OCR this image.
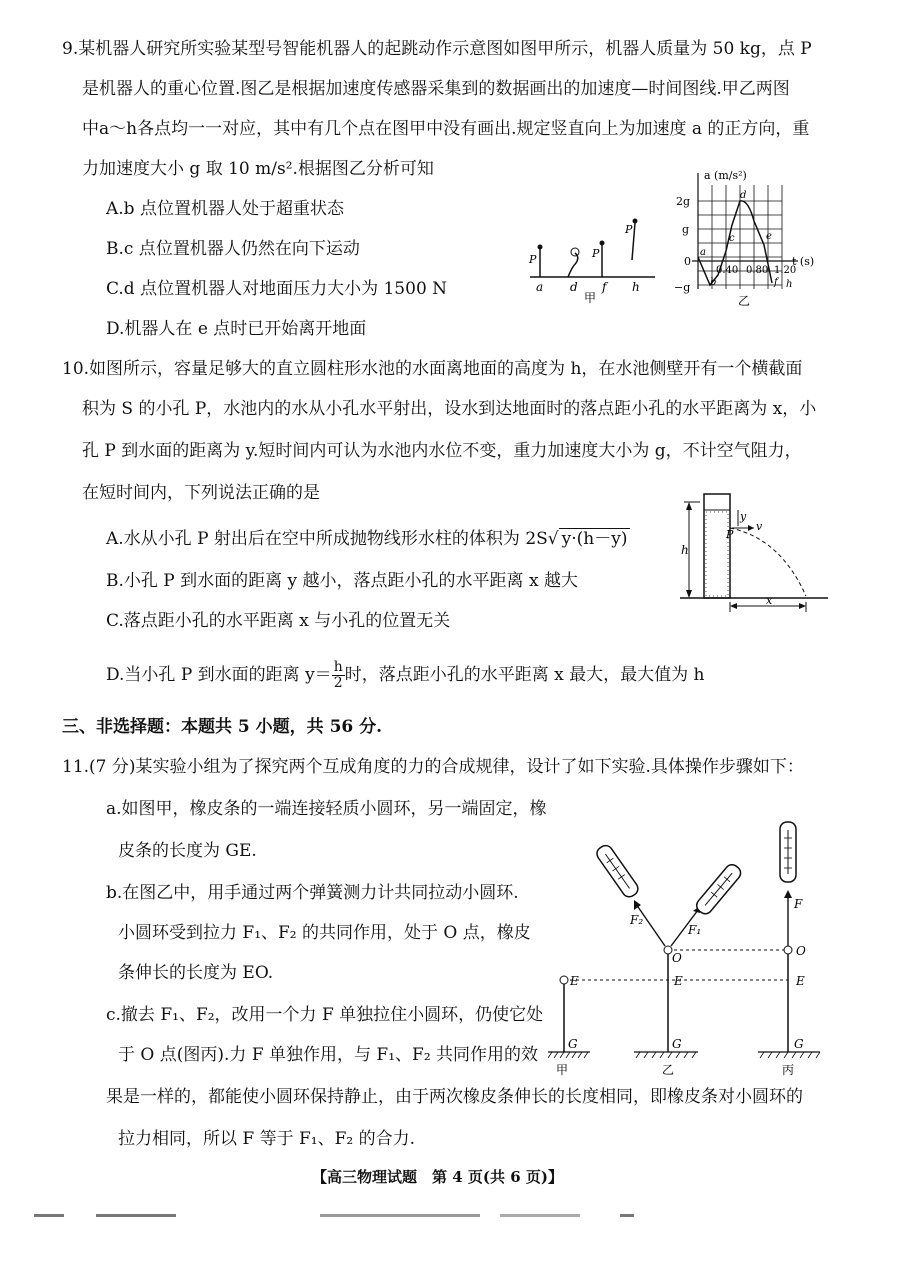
9.某机器人研究所实验某型号智能机器人的起跳动作示意图如图甲所示，机器人质量为 50 kg，点 P
是机器人的重心位置.图乙是根据加速度传感器采集到的数据画出的加速度—时间图线.甲乙两图
中a～h各点均一一对应，其中有几个点在图甲中没有画出.规定竖直向上为加速度 a 的正方向，重
力加速度大小 g 取 10 m/s².根据图乙分析可知
A.b 点位置机器人处于超重状态
B.c 点位置机器人仍然在向下运动
C.d 点位置机器人对地面压力大小为 1500 N
D.机器人在 e 点时已开始离开地面
P	P
P
a d f h
甲
a (m/s²)
t (s)
2g
g
0
−g
0.40 0.80 1.20
a
b
c
d
e
f h
乙
10.如图所示，容量足够大的直立圆柱形水池的水面离地面的高度为 h，在水池侧壁开有一个横截面
积为 S 的小孔 P，水池内的水从小孔水平射出，设水到达地面时的落点距小孔的水平距离为 x，小
孔 P 到水面的距离为 y.短时间内可认为水池内水位不变，重力加速度大小为 g，不计空气阻力，
在短时间内，下列说法正确的是
A.水从小孔 P 射出后在空中所成抛物线形水柱的体积为 2S√ y·(h－y)
B.小孔 P 到水面的距离 y 越小，落点距小孔的水平距离 x 越大
C.落点距小孔的水平距离 x 与小孔的位置无关
D.当小孔 P 到水面的距离 $y= \frac{h}{2}$ 时，落点距小孔的水平距离 x 最大，最大值为 h
h
y
P
v
x
三、非选择题：本题共 5 小题，共 56 分.
11.(7 分)某实验小组为了探究两个互成角度的力的合成规律，设计了如下实验.具体操作步骤如下：
a.如图甲，橡皮条的一端连接轻质小圆环，另一端固定，橡
皮条的长度为 GE.
b.在图乙中，用手通过两个弹簧测力计共同拉动小圆环.
小圆环受到拉力 F₁、F₂ 的共同作用，处于 O 点，橡皮
条伸长的长度为 EO.
c.撤去 F₁、F₂，改用一个力 F 单独拉住小圆环，仍使它处
于 O 点(图丙).力 F 单独作用，与 F₁、F₂ 共同作用的效
果是一样的，都能使小圆环保持静止，由于两次橡皮条伸长的长度相同，即橡皮条对小圆环的
拉力相同，所以 F 等于 F₁、F₂ 的合力.
E
G
E
G
O
F₂
F₁
E
G
O
F
甲	乙	丙
【高三物理试题　第 4 页(共 6 页)】
